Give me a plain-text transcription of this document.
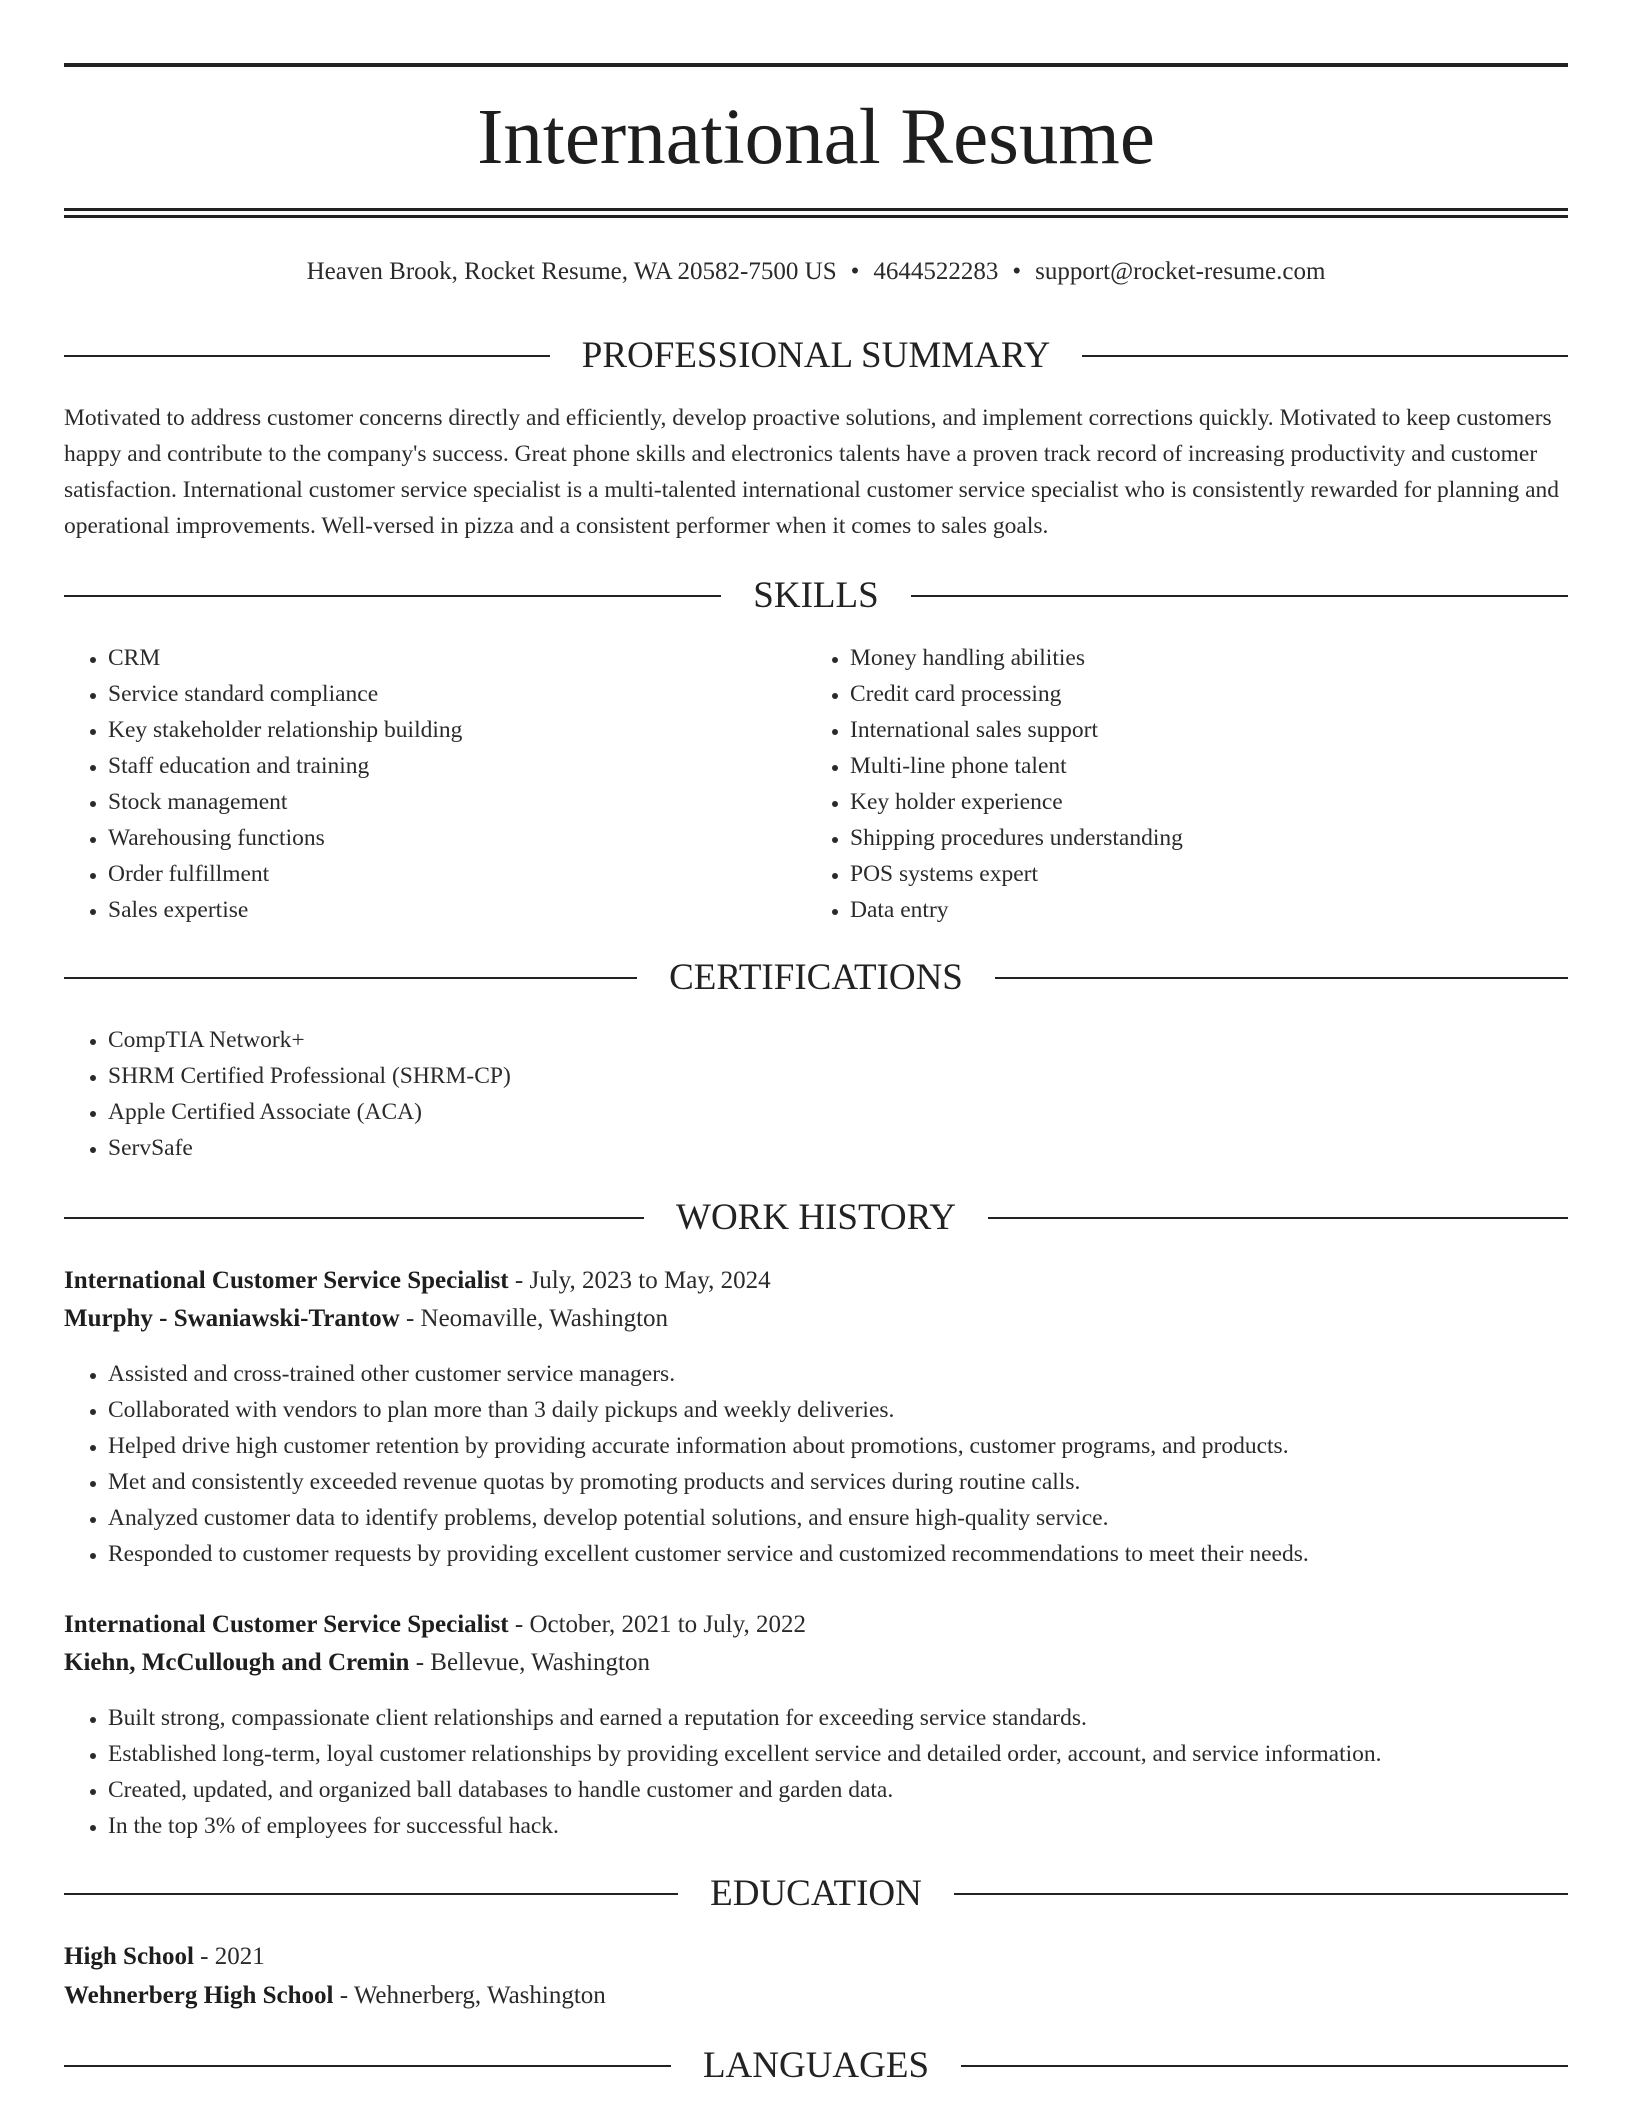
International Resume
Heaven Brook, Rocket Resume, WA 20582-7500 US • 4644522283 • support@rocket-resume.com
PROFESSIONAL SUMMARY
Motivated to address customer concerns directly and efficiently, develop proactive solutions, and implement corrections quickly. Motivated to keep customers happy and contribute to the company's success. Great phone skills and electronics talents have a proven track record of increasing productivity and customer satisfaction. International customer service specialist is a multi-talented international customer service specialist who is consistently rewarded for planning and operational improvements. Well-versed in pizza and a consistent performer when it comes to sales goals.
SKILLS
• CRM
• Service standard compliance
• Key stakeholder relationship building
• Staff education and training
• Stock management
• Warehousing functions
• Order fulfillment
• Sales expertise
• Money handling abilities
• Credit card processing
• International sales support
• Multi-line phone talent
• Key holder experience
• Shipping procedures understanding
• POS systems expert
• Data entry
CERTIFICATIONS
• CompTIA Network+
• SHRM Certified Professional (SHRM-CP)
• Apple Certified Associate (ACA)
• ServSafe
WORK HISTORY
International Customer Service Specialist - July, 2023 to May, 2024
Murphy - Swaniawski-Trantow - Neomaville, Washington
• Assisted and cross-trained other customer service managers.
• Collaborated with vendors to plan more than 3 daily pickups and weekly deliveries.
• Helped drive high customer retention by providing accurate information about promotions, customer programs, and products.
• Met and consistently exceeded revenue quotas by promoting products and services during routine calls.
• Analyzed customer data to identify problems, develop potential solutions, and ensure high-quality service.
• Responded to customer requests by providing excellent customer service and customized recommendations to meet their needs.
International Customer Service Specialist - October, 2021 to July, 2022
Kiehn, McCullough and Cremin - Bellevue, Washington
• Built strong, compassionate client relationships and earned a reputation for exceeding service standards.
• Established long-term, loyal customer relationships by providing excellent service and detailed order, account, and service information.
• Created, updated, and organized ball databases to handle customer and garden data.
• In the top 3% of employees for successful hack.
EDUCATION
High School - 2021
Wehnerberg High School - Wehnerberg, Washington
LANGUAGES
